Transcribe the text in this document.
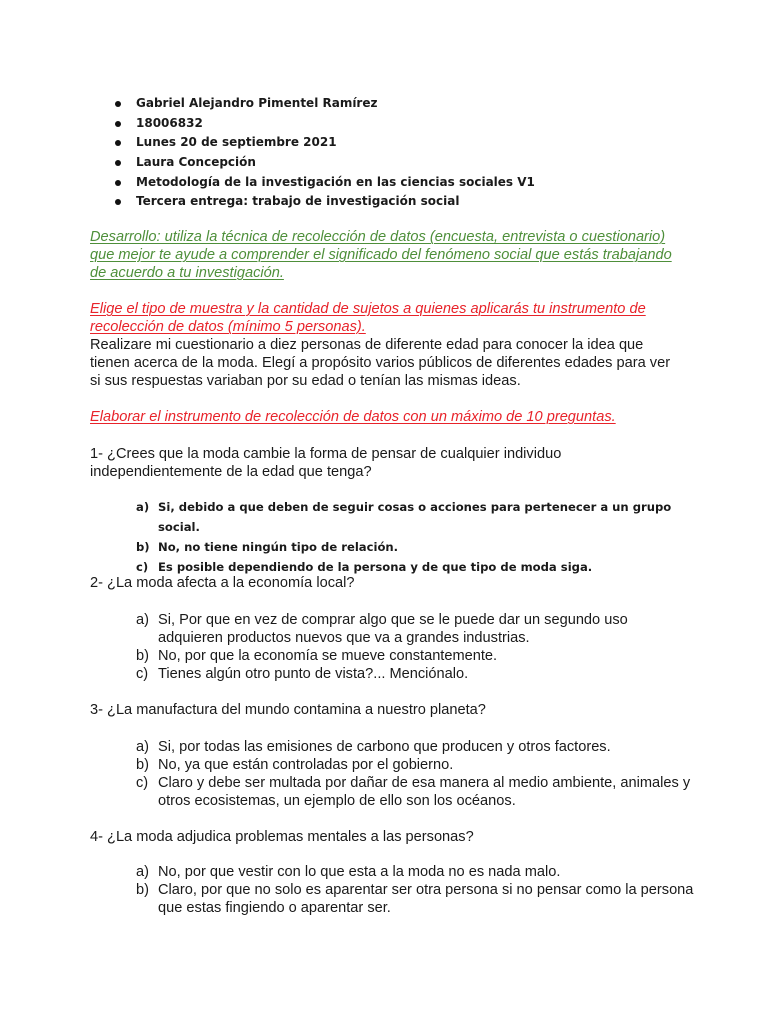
Gabriel Alejandro Pimentel Ramírez
18006832
Lunes 20 de septiembre 2021
Laura Concepción
Metodología de la investigación en las ciencias sociales V1
Tercera entrega: trabajo de investigación social

Desarrollo: utiliza la técnica de recolección de datos (encuesta, entrevista o cuestionario) que mejor te ayude a comprender el significado del fenómeno social que estás trabajando de acuerdo a tu investigación.

Elige el tipo de muestra y la cantidad de sujetos a quienes aplicarás tu instrumento de recolección de datos (mínimo 5 personas).

Realizare mi cuestionario a diez personas de diferente edad para conocer la idea que tienen acerca de la moda. Elegí a propósito varios públicos de diferentes edades para ver si sus respuestas variaban por su edad o tenían las mismas ideas.

Elaborar el instrumento de recolección de datos con un máximo de 10 preguntas.

1- ¿Crees que la moda cambie la forma de pensar de cualquier individuo independientemente de la edad que tenga?

a) Si, debido a que deben de seguir cosas o acciones para pertenecer a un grupo social.
b) No, no tiene ningún tipo de relación.
c) Es posible dependiendo de la persona y de que tipo de moda siga.

2- ¿La moda afecta a la economía local?

a) Si, Por que en vez de comprar algo que se le puede dar un segundo uso adquieren productos nuevos que va a grandes industrias.
b) No, por que la economía se mueve constantemente.
c) Tienes algún otro punto de vista?... Menciónalo.

3- ¿La manufactura del mundo contamina a nuestro planeta?

a) Si, por todas las emisiones de carbono que producen y otros factores.
b) No, ya que están controladas por el gobierno.
c) Claro y debe ser multada por dañar de esa manera al medio ambiente, animales y otros ecosistemas, un ejemplo de ello son los océanos.

4- ¿La moda adjudica problemas mentales a las personas?

a) No, por que vestir con lo que esta a la moda no es nada malo.
b) Claro, por que no solo es aparentar ser otra persona si no pensar como la persona que estas fingiendo o aparentar ser.
